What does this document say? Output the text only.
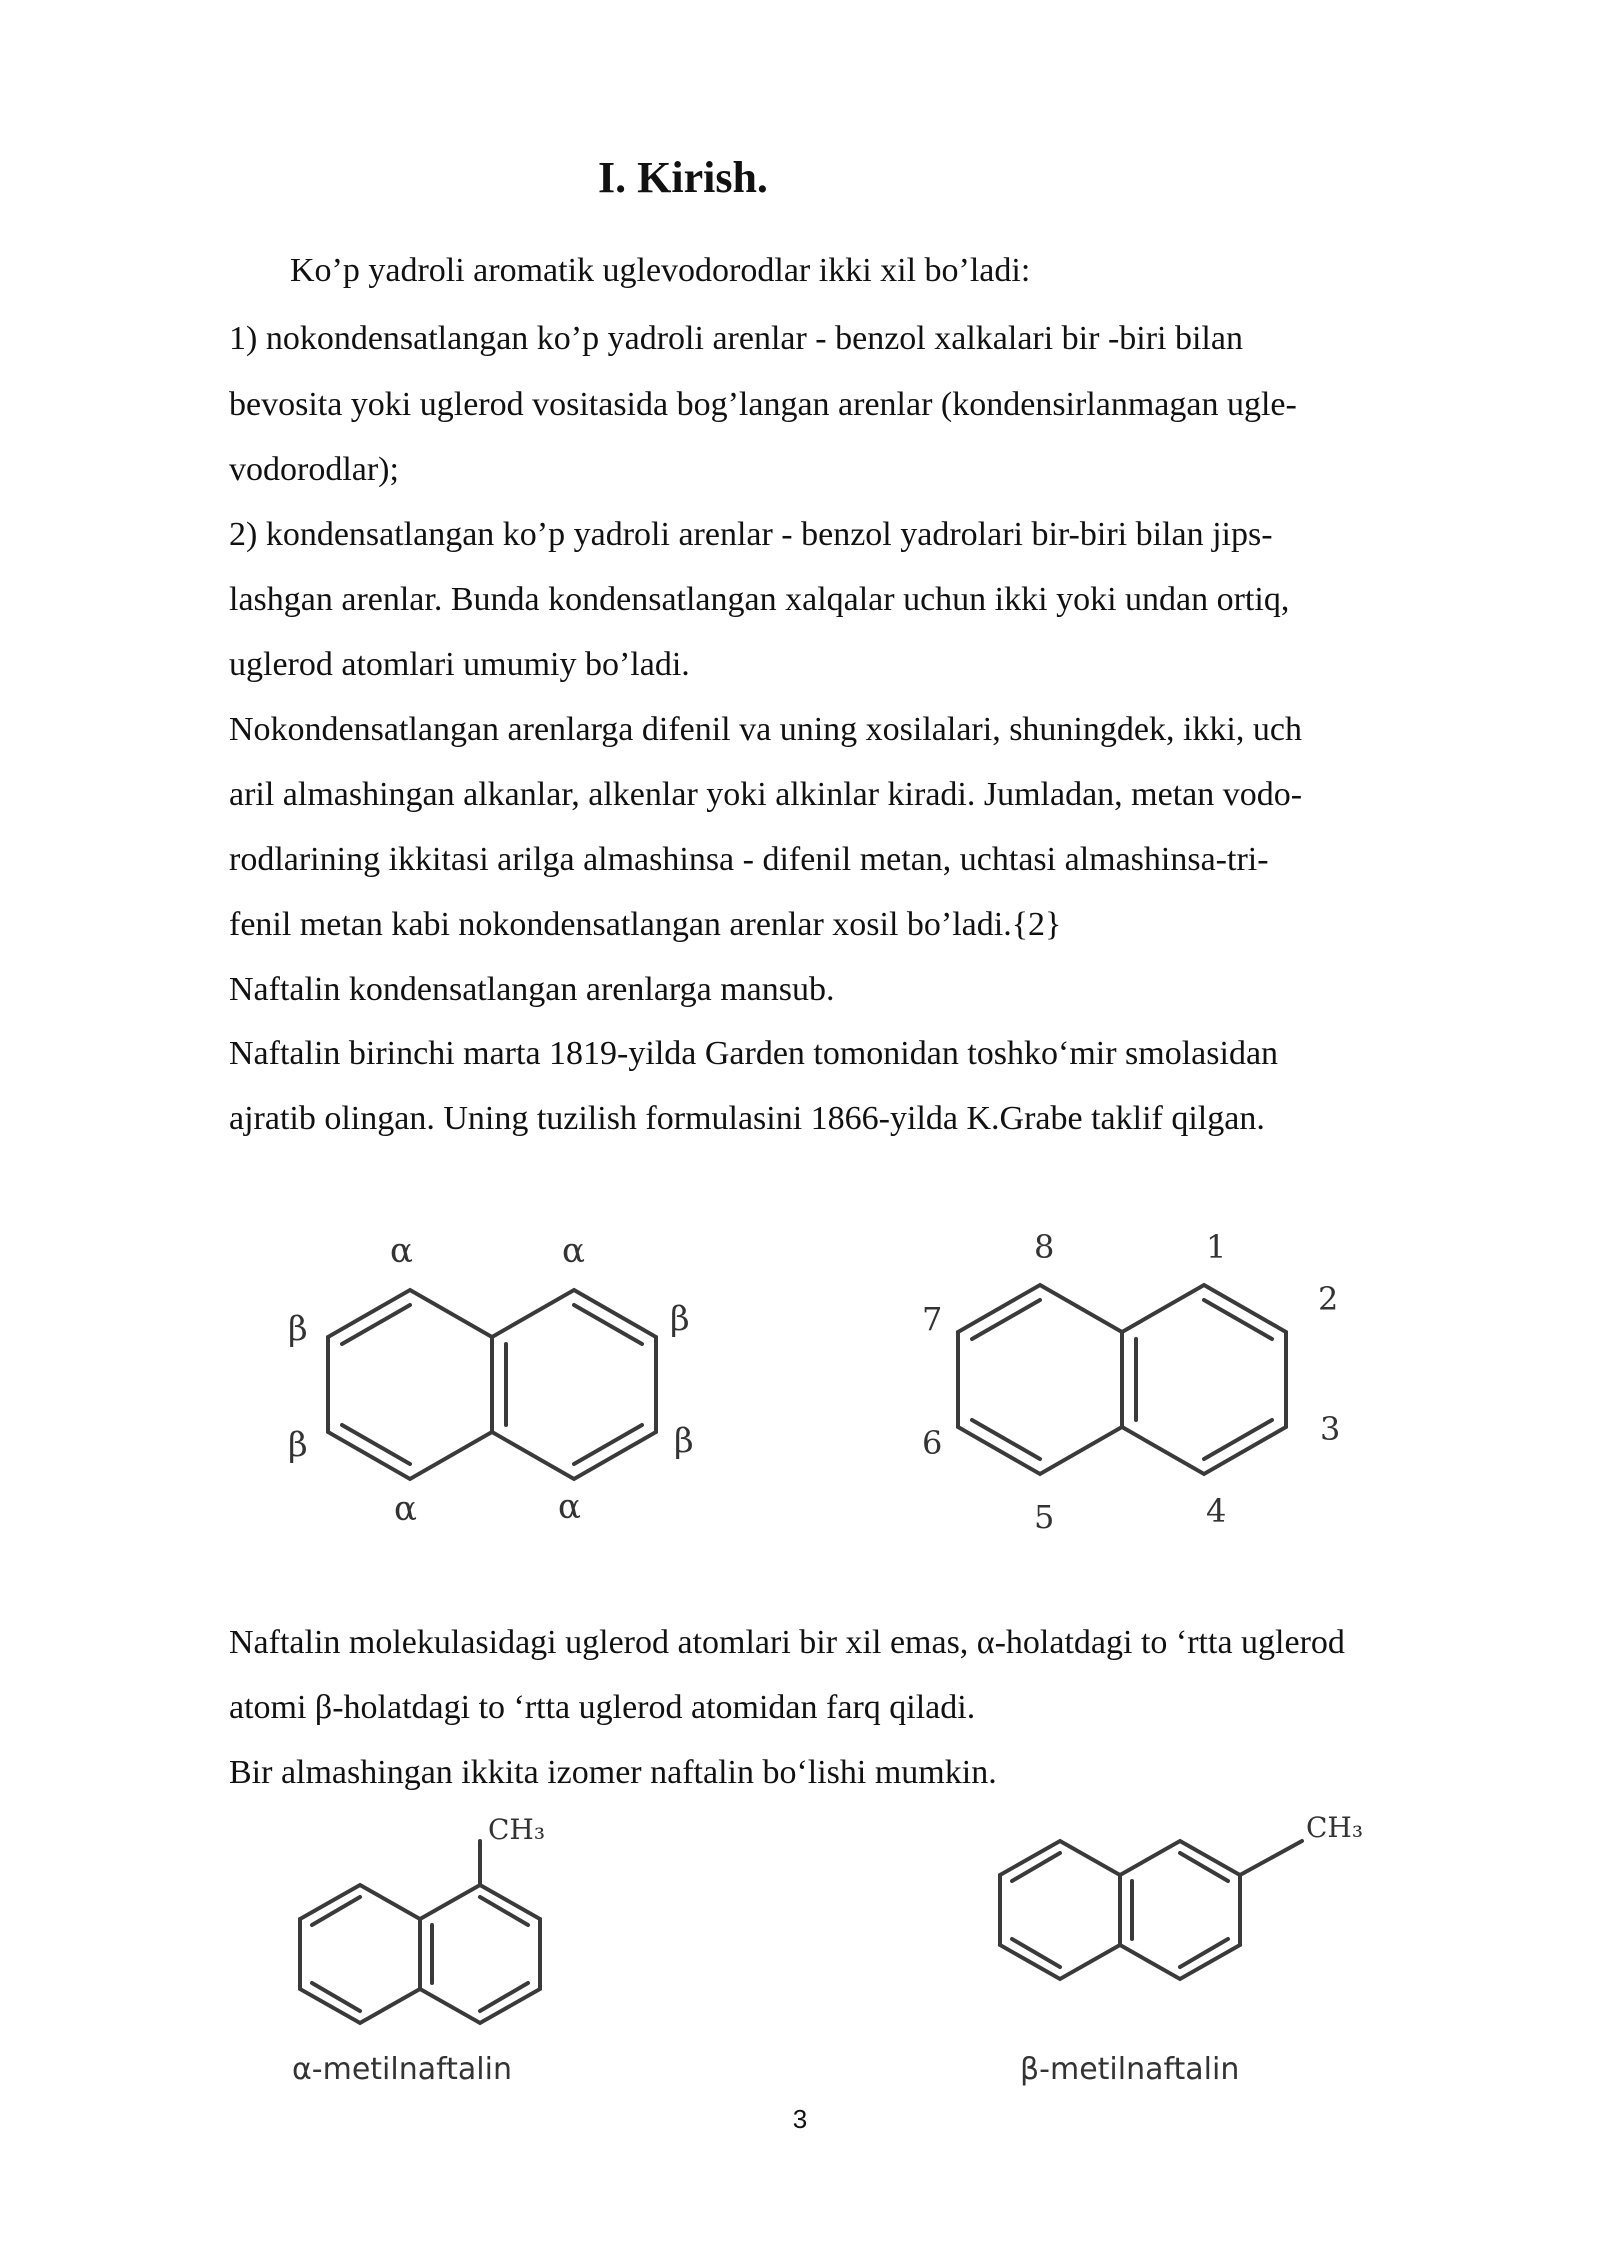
I. Kirish.

Ko’p yadroli aromatik uglevodorodlar ikki xil bo’ladi:

1) nokondensatlangan ko’p yadroli arenlar - benzol xalkalari bir -biri bilan

bevosita yoki uglerod vositasida bog’langan arenlar (kondensirlanmagan ugle-

vodorodlar);

2) kondensatlangan ko’p yadroli arenlar - benzol yadrolari bir-biri bilan jips-

lashgan arenlar. Bunda kondensatlangan xalqalar uchun ikki yoki undan ortiq,

uglerod atomlari umumiy bo’ladi.

Nokondensatlangan arenlarga difenil va uning xosilalari, shuningdek, ikki, uch

aril almashingan alkanlar, alkenlar yoki alkinlar kiradi. Jumladan, metan vodo-

rodlarining ikkitasi arilga almashinsa - difenil metan, uchtasi almashinsa-tri-

fenil metan kabi nokondensatlangan arenlar xosil bo’ladi.{2}

Naftalin kondensatlangan arenlarga mansub.

Naftalin birinchi marta 1819-yilda Garden tomonidan toshko‘mir smolasidan

ajratib olingan. Uning tuzilish formulasini 1866-yilda K.Grabe taklif qilgan.

α	α
β	β
β	β
α	α
8	1
2
3
4
5
6
7

Naftalin molekulasidagi uglerod atomlari bir xil emas, α-holatdagi to ‘rtta uglerod

atomi β-holatdagi to ‘rtta uglerod atomidan farq qiladi.

Bir almashingan ikkita izomer naftalin bo‘lishi mumkin.

CH₃
α-metilnaftalin
CH₃
β-metilnaftalin
3
